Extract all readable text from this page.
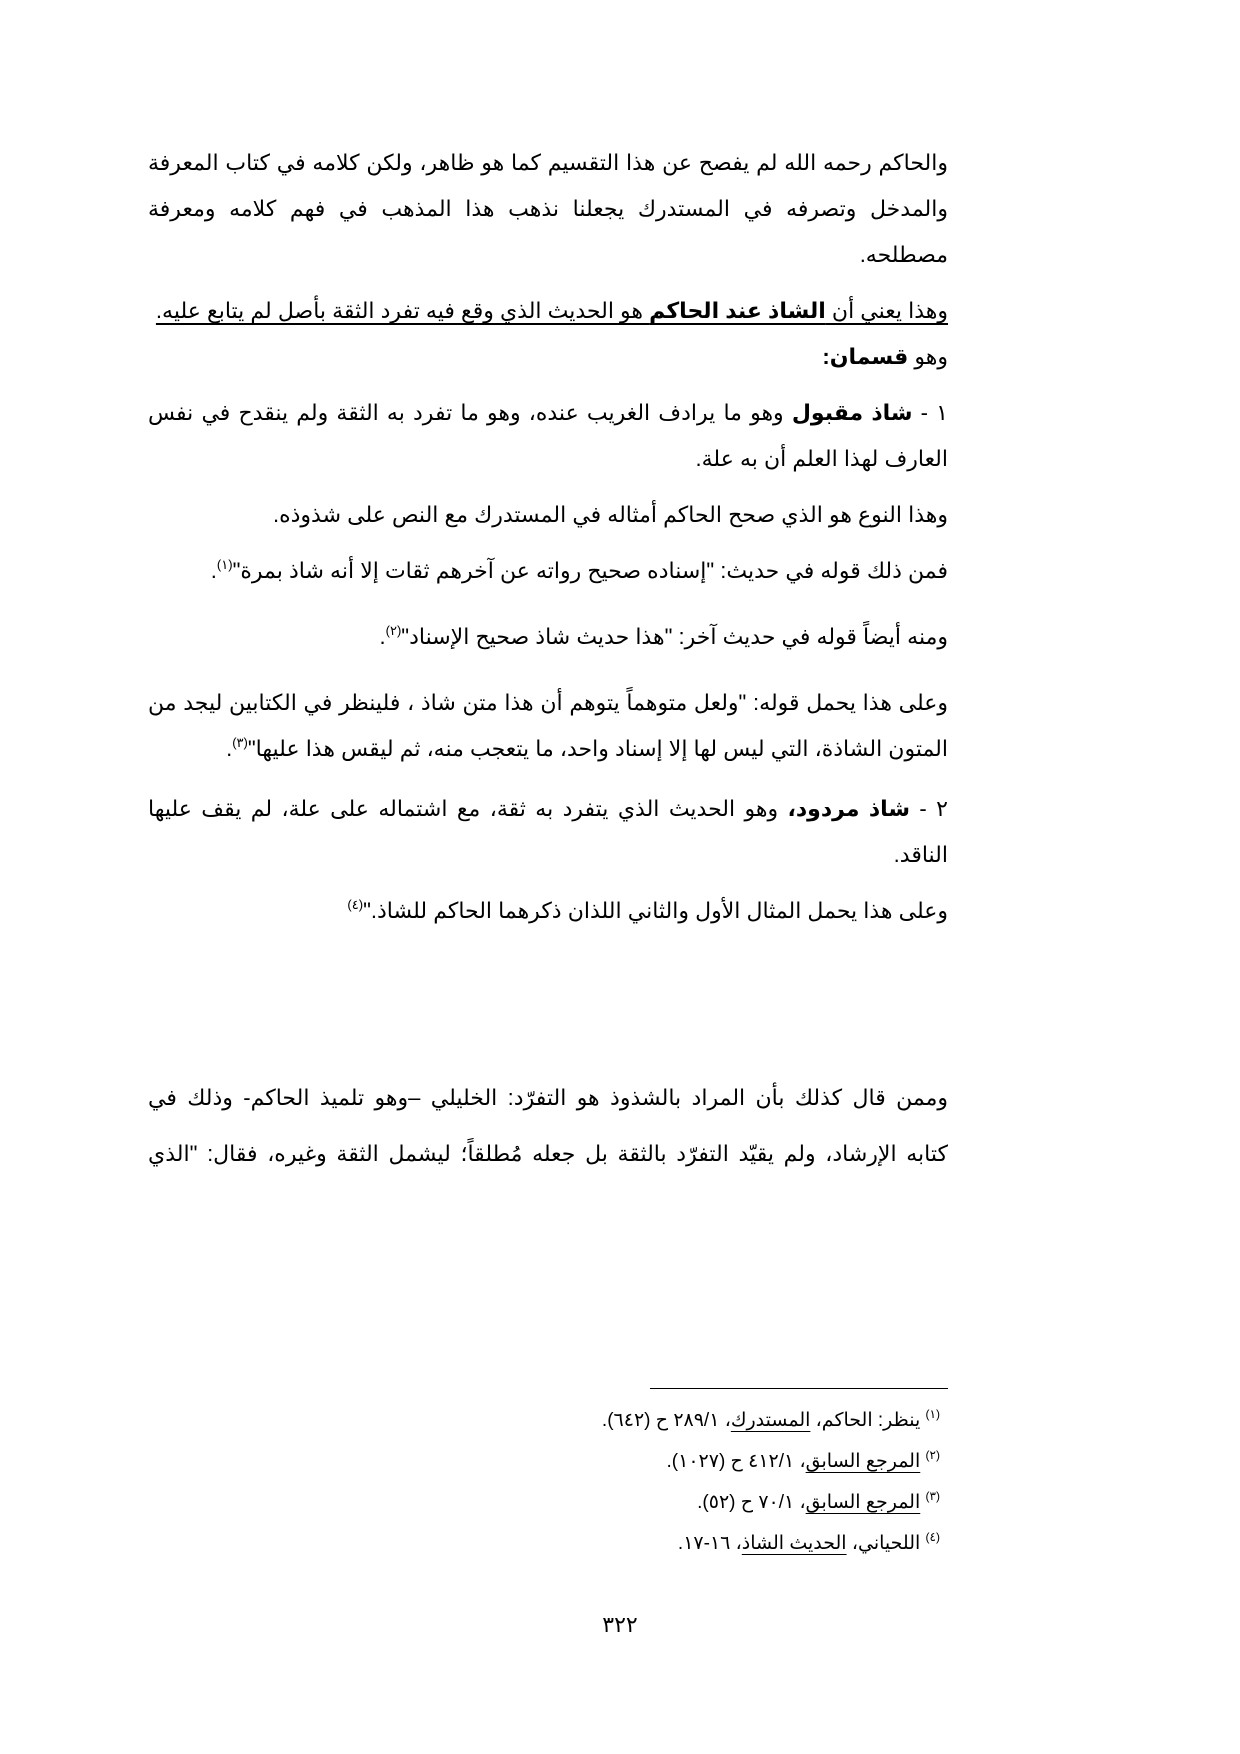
والحاكم رحمه الله لم يفصح عن هذا التقسيم كما هو ظاهر، ولكن كلامه في كتاب المعرفة والمدخل وتصرفه في المستدرك يجعلنا نذهب هذا المذهب في فهم كلامه ومعرفة مصطلحه.

وهذا يعني أن الشاذ عند الحاكم هو الحديث الذي وقع فيه تفرد الثقة بأصل لم يتابع عليه.

وهو قسمان:

١ - شاذ مقبول وهو ما يرادف الغريب عنده، وهو ما تفرد به الثقة ولم ينقدح في نفس العارف لهذا العلم أن به علة.

وهذا النوع هو الذي صحح الحاكم أمثاله في المستدرك مع النص على شذوذه.

فمن ذلك قوله في حديث: "إسناده صحيح رواته عن آخرهم ثقات إلا أنه شاذ بمرة"$^{(١)}$.

ومنه أيضاً قوله في حديث آخر: "هذا حديث شاذ صحيح الإسناد"$^{(٢)}$.

وعلى هذا يحمل قوله: "ولعل متوهماً يتوهم أن هذا متن شاذ ، فلينظر في الكتابين ليجد من المتون الشاذة، التي ليس لها إلا إسناد واحد، ما يتعجب منه، ثم ليقس هذا عليها"$^{(٣)}$.

٢ - شاذ مردود، وهو الحديث الذي يتفرد به ثقة، مع اشتماله على علة، لم يقف عليها الناقد.

وعلى هذا يحمل المثال الأول والثاني اللذان ذكرهما الحاكم للشاذ."$^{(٤)}$

وممن قال كذلك بأن المراد بالشذوذ هو التفرّد: الخليلي –وهو تلميذ الحاكم- وذلك في

كتابه الإرشاد، ولم يقيّد التفرّد بالثقة بل جعله مُطلقاً؛ ليشمل الثقة وغيره، فقال: "الذي

$^{(١)}$ ينظر: الحاكم، المستدرك، ٢٨٩/١ ح (٦٤٢).

$^{(٢)}$ المرجع السابق، ٤١٢/١ ح (١٠٢٧).

$^{(٣)}$ المرجع السابق، ٧٠/١ ح (٥٢).

$^{(٤)}$ اللحياني، الحديث الشاذ، ١٦-١٧.

٣٢٢
